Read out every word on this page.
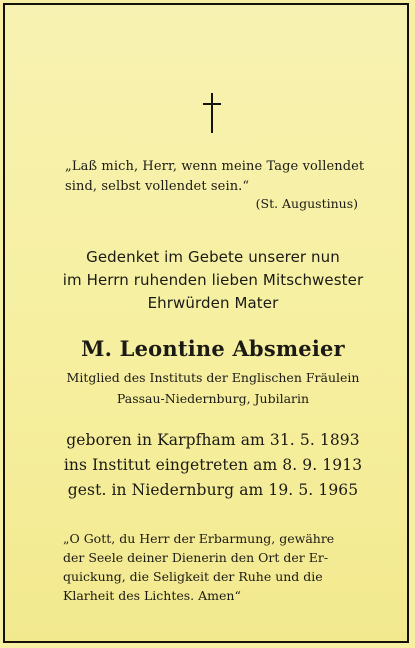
„Laß mich, Herr, wenn meine Tage vollendet
sind, selbst vollendet sein.“
(St. Augustinus)
Gedenket im Gebete unserer nun
im Herrn ruhenden lieben Mitschwester
Ehrwürden Mater
M. Leontine Absmeier
Mitglied des Instituts der Englischen Fräulein
Passau-Niedernburg, Jubilarin
geboren in Karpfham am 31. 5. 1893
ins Institut eingetreten am 8. 9. 1913
gest. in Niedernburg am 19. 5. 1965
„O Gott, du Herr der Erbarmung, gewähre
der Seele deiner Dienerin den Ort der Er-
quickung, die Seligkeit der Ruhe und die
Klarheit des Lichtes. Amen“
